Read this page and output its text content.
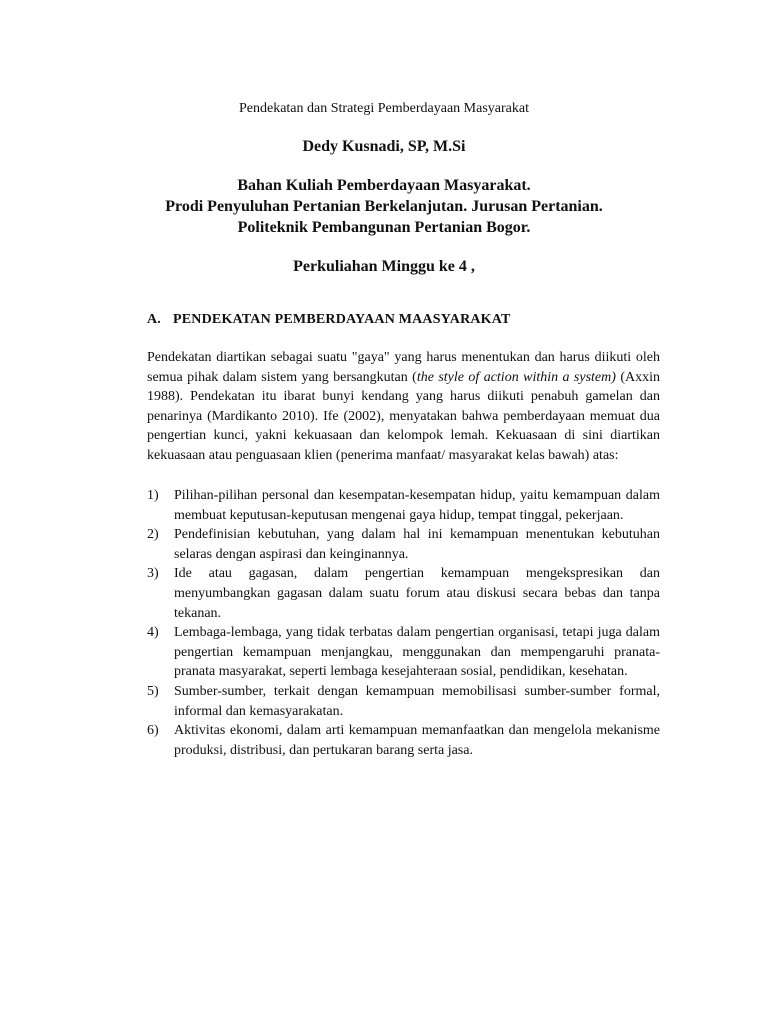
Pendekatan dan Strategi Pemberdayaan Masyarakat
Dedy Kusnadi, SP, M.Si
Bahan Kuliah Pemberdayaan Masyarakat.
Prodi Penyuluhan Pertanian Berkelanjutan. Jurusan Pertanian.
Politeknik Pembangunan Pertanian Bogor.
Perkuliahan Minggu ke 4 ,
A. PENDEKATAN PEMBERDAYAAN MAASYARAKAT
Pendekatan diartikan sebagai suatu "gaya" yang harus menentukan dan harus diikuti oleh semua pihak dalam sistem yang bersangkutan (the style of action within a system) (Axxin 1988). Pendekatan itu ibarat bunyi kendang yang harus diikuti penabuh gamelan dan penarinya (Mardikanto 2010). Ife (2002), menyatakan bahwa pemberdayaan memuat dua pengertian kunci, yakni kekuasaan dan kelompok lemah. Kekuasaan di sini diartikan kekuasaan atau penguasaan klien (penerima manfaat/ masyarakat kelas bawah) atas:
1)	Pilihan-pilihan personal dan kesempatan-kesempatan hidup, yaitu kemampuan dalam membuat keputusan-keputusan mengenai gaya hidup, tempat tinggal, pekerjaan.
2)	Pendefinisian kebutuhan, yang dalam hal ini kemampuan menentukan kebutuhan selaras dengan aspirasi dan keinginannya.
3)	Ide atau gagasan, dalam pengertian kemampuan mengekspresikan dan menyumbangkan gagasan dalam suatu forum atau diskusi secara bebas dan tanpa tekanan.
4)	Lembaga-lembaga, yang tidak terbatas dalam pengertian organisasi, tetapi juga dalam pengertian kemampuan menjangkau, menggunakan dan mempengaruhi pranata-pranata masyarakat, seperti lembaga kesejahteraan sosial, pendidikan, kesehatan.
5)	Sumber-sumber, terkait dengan kemampuan memobilisasi sumber-sumber formal, informal dan kemasyarakatan.
6)	Aktivitas ekonomi, dalam arti kemampuan memanfaatkan dan mengelola mekanisme produksi, distribusi, dan pertukaran barang serta jasa.
